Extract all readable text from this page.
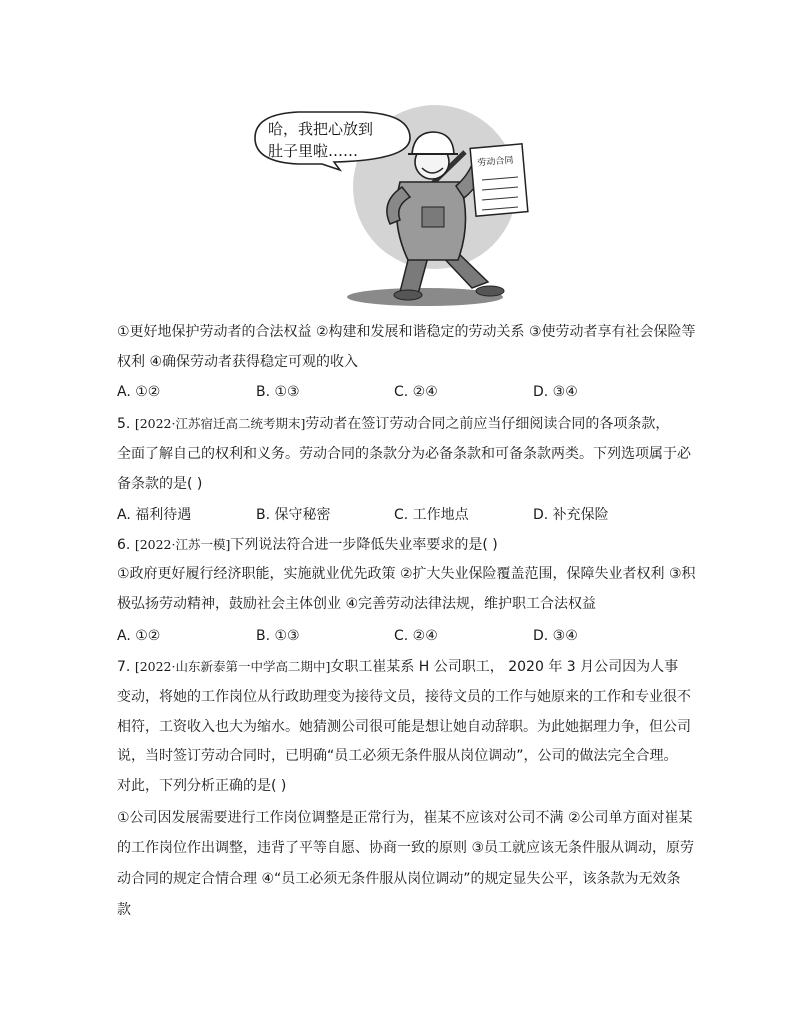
哈，我把心放到
肚子里啦……
劳动合同
①更好地保护劳动者的合法权益 ②构建和发展和谐稳定的劳动关系 ③使劳动者享有社会保险等
权利 ④确保劳动者获得稳定可观的收入
A. ①②	B. ①③	C. ②④	D. ③④
5. [2022·江苏宿迁高二统考期末]劳动者在签订劳动合同之前应当仔细阅读合同的各项条款，
全面了解自己的权利和义务。劳动合同的条款分为必备条款和可备条款两类。下列选项属于必
备条款的是( )
A. 福利待遇	B. 保守秘密	C. 工作地点	D. 补充保险
6. [2022·江苏一模]下列说法符合进一步降低失业率要求的是( )
①政府更好履行经济职能，实施就业优先政策 ②扩大失业保险覆盖范围，保障失业者权利 ③积
极弘扬劳动精神，鼓励社会主体创业 ④完善劳动法律法规，维护职工合法权益
A. ①②	B. ①③	C. ②④	D. ③④
7. [2022·山东新泰第一中学高二期中]女职工崔某系 H 公司职工， 2020 年 3 月公司因为人事
变动，将她的工作岗位从行政助理变为接待文员，接待文员的工作与她原来的工作和专业很不
相符，工资收入也大为缩水。她猜测公司很可能是想让她自动辞职。为此她据理力争，但公司
说，当时签订劳动合同时，已明确“员工必须无条件服从岗位调动”，公司的做法完全合理。
对此，下列分析正确的是( )
①公司因发展需要进行工作岗位调整是正常行为，崔某不应该对公司不满 ②公司单方面对崔某
的工作岗位作出调整，违背了平等自愿、协商一致的原则 ③员工就应该无条件服从调动，原劳
动合同的规定合情合理 ④“员工必须无条件服从岗位调动”的规定显失公平，该条款为无效条
款
